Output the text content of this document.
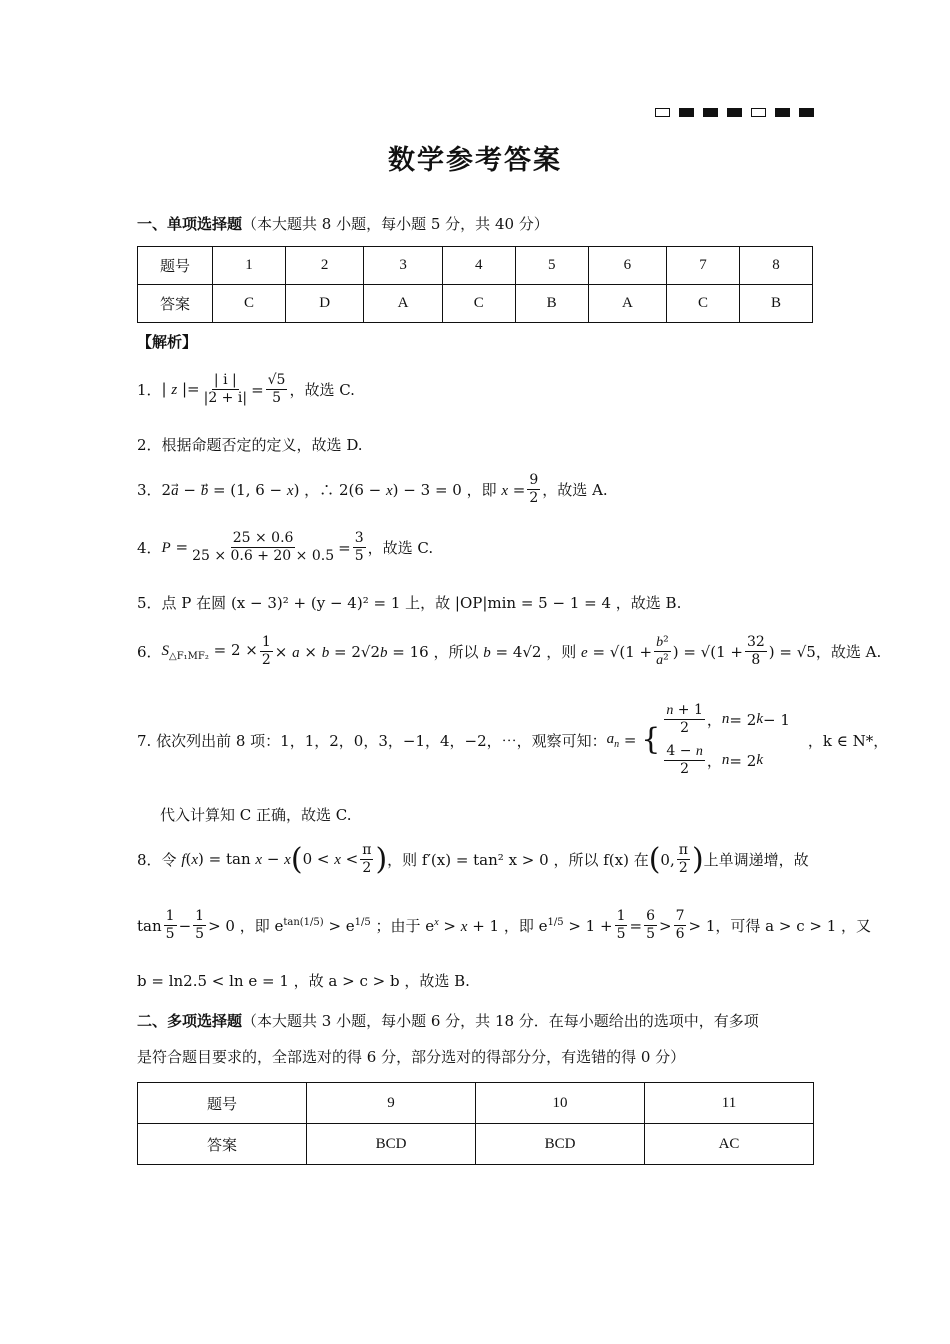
数学参考答案
一、单项选择题（本大题共 8 小题，每小题 5 分，共 40 分）
题号	1	2	3	4	5	6	7	8
答案	C	D	A	C	B	A	C	B
【解析】
1． | z |= $\frac{| i |}{|2 + i|} = \frac{√5}{5}$ ，故选 C.
2．根据命题否定的定义，故选 D.
3． 2a⃗ − b⃗ = (1, 6 − x) ，∴ 2(6 − x) − 3 = 0 ，即 $x = \frac{9}{2}$ ，故选 A.
4． $P = \frac{25 \times 0.6}{25 \times 0.6 + 20 \times 0.5} = \frac{3}{5}$ ，故选 C.
5．点 P 在圆 (x − 3)² + (y − 4)² = 1 上，故 |OP|min = 5 − 1 = 4 ，故选 B.
6． $S_{\triangle F_1MF_2} = 2 \times \frac{1}{2} \times a \times b = 2√2b = 16$ ，所以 b = 4√2 ，则 $e = √(1 + \frac{\text{b²}}{\text{a²}}$ ) = $√(1 + \frac{32}{8}$ ) = √5 ，故选 A.
7. 依次列出前 8 项：1，1，2，0，3，−1，4，−2，⋯，观察可知： $a_n$ = {
$\frac{n + 1}{2}$ ， n = 2 k − 1
$\frac{4 - n}{2}$ ， n = 2 k
，k ∈ N*，
代入计算知 C 正确，故选 C.
8．令 f(x) = tan x − x ( $0 < x < \frac{\pi}{2}$ ) ，则 f′(x) = tan² x > 0 ，所以 f(x) 在 ( 0, $\frac{\pi}{2}$ ) 上单调递增，故
$\tan \frac{1}{5} - \frac{1}{5} > 0$ ，即 $e^{tan(1/5)} > e^{1/5}$ ；由于 $e^x > x + 1$ ，即 $e^{1/5} > 1 + \frac{1}{5} = \frac{6}{5} > \frac{7}{6} > 1$ ，可得 a > c > 1 ，又
b = ln2.5 < ln e = 1 ，故 a > c > b ，故选 B.
二、多项选择题（本大题共 3 小题，每小题 6 分，共 18 分．在每小题给出的选项中，有多项
是符合题目要求的，全部选对的得 6 分，部分选对的得部分分，有选错的得 0 分）
题号	9	10	11
答案	BCD	BCD	AC
